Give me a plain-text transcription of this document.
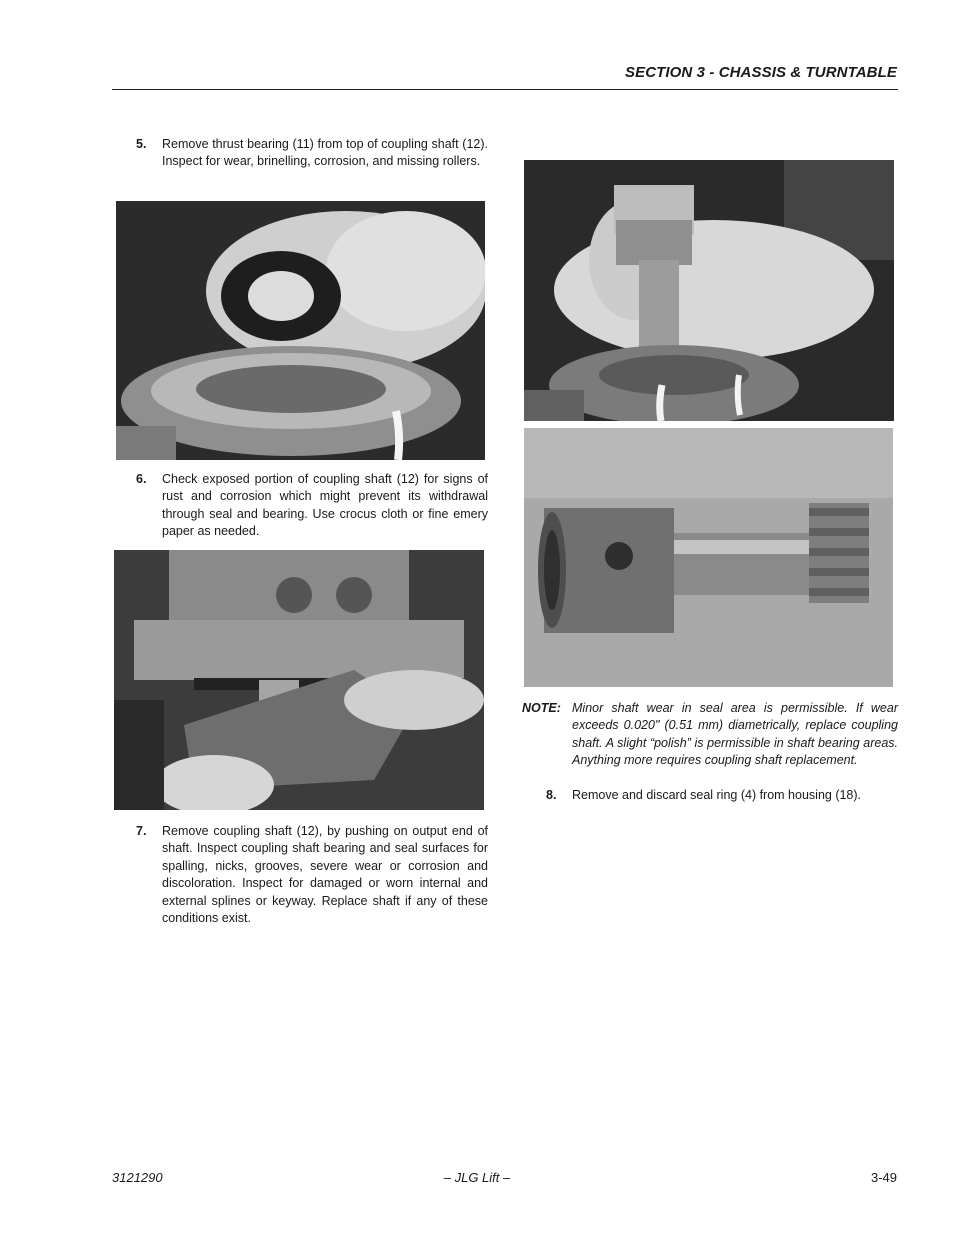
SECTION 3 - CHASSIS & TURNTABLE
5. Remove thrust bearing (11) from top of coupling shaft (12). Inspect for wear, brinelling, corrosion, and missing rollers.
6. Check exposed portion of coupling shaft (12) for signs of rust and corrosion which might prevent its withdrawal through seal and bearing. Use crocus cloth or fine emery paper as needed.
7. Remove coupling shaft (12), by pushing on output end of shaft. Inspect coupling shaft bearing and seal surfaces for spalling, nicks, grooves, severe wear or corrosion and discoloration. Inspect for damaged or worn internal and external splines or keyway. Replace shaft if any of these conditions exist.
NOTE: Minor shaft wear in seal area is permissible. If wear exceeds 0.020" (0.51 mm) diametrically, replace coupling shaft. A slight “polish” is permissible in shaft bearing areas. Anything more requires coupling shaft replacement.
8. Remove and discard seal ring (4) from housing (18).
3121290	– JLG Lift –	3-49
